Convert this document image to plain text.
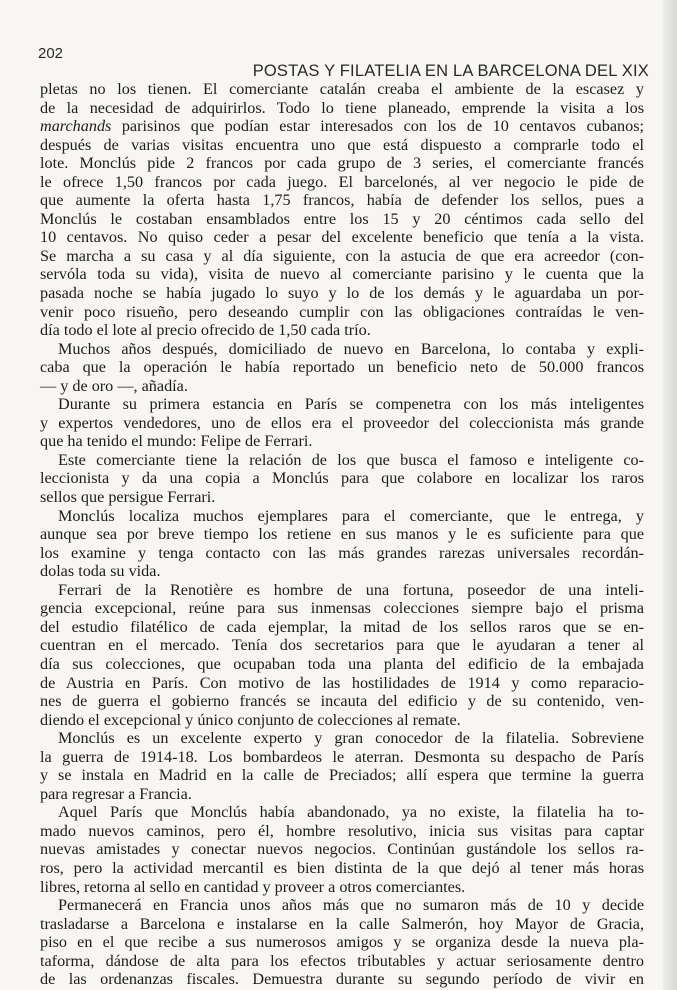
202
POSTAS Y FILATELIA EN LA BARCELONA DEL XIX
pletas no los tienen. El comerciante catalán creaba el ambiente de la escasez y
de la necesidad de adquirirlos. Todo lo tiene planeado, emprende la visita a los
marchands parisinos que podían estar interesados con los de 10 centavos cubanos;
después de varias visitas encuentra uno que está dispuesto a comprarle todo el
lote. Monclús pide 2 francos por cada grupo de 3 series, el comerciante francés
le ofrece 1,50 francos por cada juego. El barcelonés, al ver negocio le pide de
que aumente la oferta hasta 1,75 francos, había de defender los sellos, pues a
Monclús le costaban ensamblados entre los 15 y 20 céntimos cada sello del
10 centavos. No quiso ceder a pesar del excelente beneficio que tenía a la vista.
Se marcha a su casa y al día siguiente, con la astucia de que era acreedor (con-
servóla toda su vida), visita de nuevo al comerciante parisino y le cuenta que la
pasada noche se había jugado lo suyo y lo de los demás y le aguardaba un por-
venir poco risueño, pero deseando cumplir con las obligaciones contraídas le ven-
día todo el lote al precio ofrecido de 1,50 cada trío.
Muchos años después, domiciliado de nuevo en Barcelona, lo contaba y expli-
caba que la operación le había reportado un beneficio neto de 50.000 francos
— y de oro —, añadía.
Durante su primera estancia en París se compenetra con los más inteligentes
y expertos vendedores, uno de ellos era el proveedor del coleccionista más grande
que ha tenido el mundo: Felipe de Ferrari.
Este comerciante tiene la relación de los que busca el famoso e inteligente co-
leccionista y da una copia a Monclús para que colabore en localizar los raros
sellos que persigue Ferrari.
Monclús localiza muchos ejemplares para el comerciante, que le entrega, y
aunque sea por breve tiempo los retiene en sus manos y le es suficiente para que
los examine y tenga contacto con las más grandes rarezas universales recordán-
dolas toda su vida.
Ferrari de la Renotière es hombre de una fortuna, poseedor de una inteli-
gencia excepcional, reúne para sus inmensas colecciones siempre bajo el prisma
del estudio filatélico de cada ejemplar, la mitad de los sellos raros que se en-
cuentran en el mercado. Tenía dos secretarios para que le ayudaran a tener al
día sus colecciones, que ocupaban toda una planta del edificio de la embajada
de Austria en París. Con motivo de las hostilidades de 1914 y como reparacio-
nes de guerra el gobierno francés se incauta del edificio y de su contenido, ven-
diendo el excepcional y único conjunto de colecciones al remate.
Monclús es un excelente experto y gran conocedor de la filatelia. Sobreviene
la guerra de 1914-18. Los bombardeos le aterran. Desmonta su despacho de París
y se instala en Madrid en la calle de Preciados; allí espera que termine la guerra
para regresar a Francia.
Aquel París que Monclús había abandonado, ya no existe, la filatelia ha to-
mado nuevos caminos, pero él, hombre resolutivo, inicia sus visitas para captar
nuevas amistades y conectar nuevos negocios. Continúan gustándole los sellos ra-
ros, pero la actividad mercantil es bien distinta de la que dejó al tener más horas
libres, retorna al sello en cantidad y proveer a otros comerciantes.
Permanecerá en Francia unos años más que no sumaron más de 10 y decide
trasladarse a Barcelona e instalarse en la calle Salmerón, hoy Mayor de Gracia,
piso en el que recibe a sus numerosos amigos y se organiza desde la nueva pla-
taforma, dándose de alta para los efectos tributables y actuar seriosamente dentro
de las ordenanzas fiscales. Demuestra durante su segundo período de vivir en
